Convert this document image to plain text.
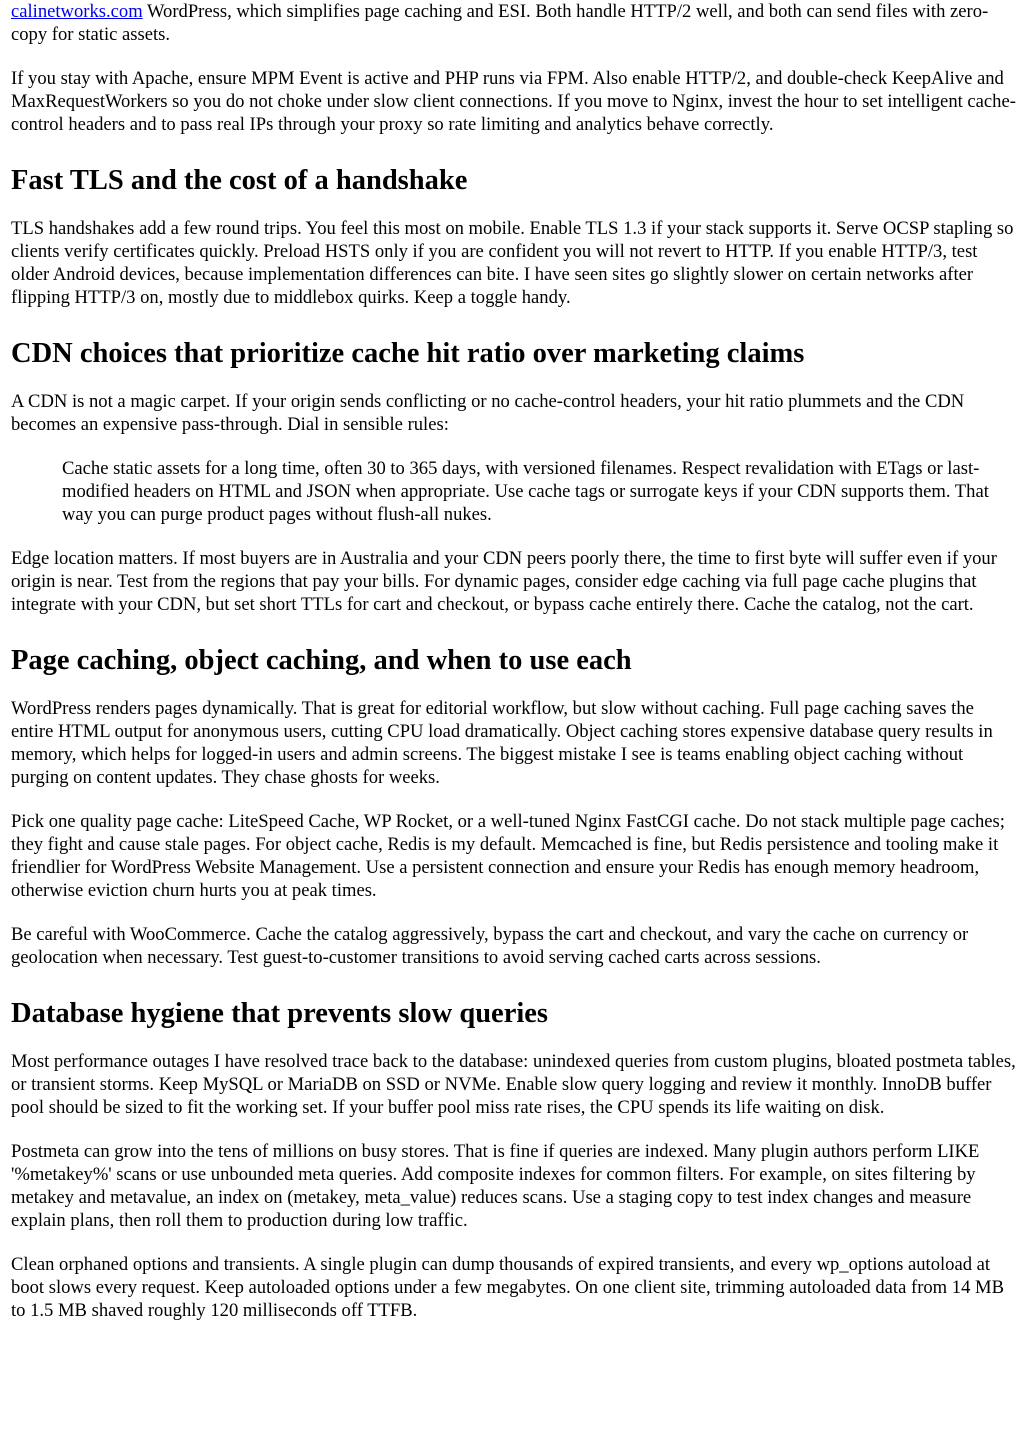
calinetworks.com WordPress, which simplifies page caching and ESI. Both handle HTTP/2 well, and both can send files with zero-copy for static assets.

If you stay with Apache, ensure MPM Event is active and PHP runs via FPM. Also enable HTTP/2, and double-check KeepAlive and MaxRequestWorkers so you do not choke under slow client connections. If you move to Nginx, invest the hour to set intelligent cache-control headers and to pass real IPs through your proxy so rate limiting and analytics behave correctly.

Fast TLS and the cost of a handshake

TLS handshakes add a few round trips. You feel this most on mobile. Enable TLS 1.3 if your stack supports it. Serve OCSP stapling so clients verify certificates quickly. Preload HSTS only if you are confident you will not revert to HTTP. If you enable HTTP/3, test older Android devices, because implementation differences can bite. I have seen sites go slightly slower on certain networks after flipping HTTP/3 on, mostly due to middlebox quirks. Keep a toggle handy.

CDN choices that prioritize cache hit ratio over marketing claims

A CDN is not a magic carpet. If your origin sends conflicting or no cache-control headers, your hit ratio plummets and the CDN becomes an expensive pass-through. Dial in sensible rules:

Cache static assets for a long time, often 30 to 365 days, with versioned filenames. Respect revalidation with ETags or last-modified headers on HTML and JSON when appropriate. Use cache tags or surrogate keys if your CDN supports them. That way you can purge product pages without flush-all nukes.

Edge location matters. If most buyers are in Australia and your CDN peers poorly there, the time to first byte will suffer even if your origin is near. Test from the regions that pay your bills. For dynamic pages, consider edge caching via full page cache plugins that integrate with your CDN, but set short TTLs for cart and checkout, or bypass cache entirely there. Cache the catalog, not the cart.

Page caching, object caching, and when to use each

WordPress renders pages dynamically. That is great for editorial workflow, but slow without caching. Full page caching saves the entire HTML output for anonymous users, cutting CPU load dramatically. Object caching stores expensive database query results in memory, which helps for logged-in users and admin screens. The biggest mistake I see is teams enabling object caching without purging on content updates. They chase ghosts for weeks.

Pick one quality page cache: LiteSpeed Cache, WP Rocket, or a well-tuned Nginx FastCGI cache. Do not stack multiple page caches; they fight and cause stale pages. For object cache, Redis is my default. Memcached is fine, but Redis persistence and tooling make it friendlier for WordPress Website Management. Use a persistent connection and ensure your Redis has enough memory headroom, otherwise eviction churn hurts you at peak times.

Be careful with WooCommerce. Cache the catalog aggressively, bypass the cart and checkout, and vary the cache on currency or geolocation when necessary. Test guest-to-customer transitions to avoid serving cached carts across sessions.

Database hygiene that prevents slow queries

Most performance outages I have resolved trace back to the database: unindexed queries from custom plugins, bloated postmeta tables, or transient storms. Keep MySQL or MariaDB on SSD or NVMe. Enable slow query logging and review it monthly. InnoDB buffer pool should be sized to fit the working set. If your buffer pool miss rate rises, the CPU spends its life waiting on disk.

Postmeta can grow into the tens of millions on busy stores. That is fine if queries are indexed. Many plugin authors perform LIKE '%metakey%' scans or use unbounded meta queries. Add composite indexes for common filters. For example, on sites filtering by metakey and metavalue, an index on (metakey, meta_value) reduces scans. Use a staging copy to test index changes and measure explain plans, then roll them to production during low traffic.

Clean orphaned options and transients. A single plugin can dump thousands of expired transients, and every wp_options autoload at boot slows every request. Keep autoloaded options under a few megabytes. On one client site, trimming autoloaded data from 14 MB to 1.5 MB shaved roughly 120 milliseconds off TTFB.
